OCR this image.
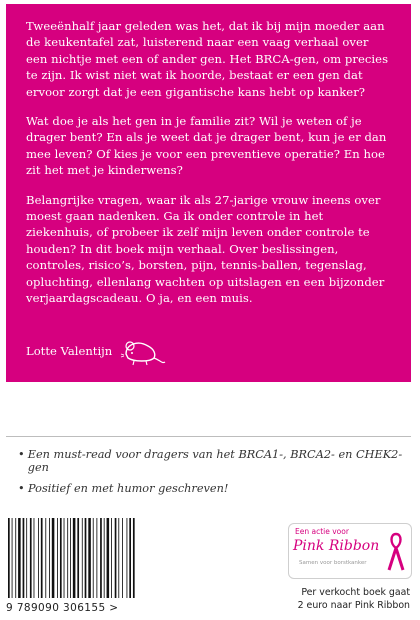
Tweeënhalf jaar geleden was het, dat ik bij mijn moeder aan de keukentafel zat, luisterend naar een vaag verhaal over een nichtje met een of ander gen. Het BRCA-gen, om precies te zijn. Ik wist niet wat ik hoorde, bestaat er een gen dat ervoor zorgt dat je een gigantische kans hebt op kanker?

Wat doe je als het gen in je familie zit? Wil je weten of je drager bent? En als je weet dat je drager bent, kun je er dan mee leven? Of kies je voor een preventieve operatie? En hoe zit het met je kinderwens?

Belangrijke vragen, waar ik als 27-jarige vrouw ineens over moest gaan nadenken. Ga ik onder controle in het ziekenhuis, of probeer ik zelf mijn leven onder controle te houden? In dit boek mijn verhaal. Over beslissingen, controles, risico’s, borsten, pijn, tennis-ballen, tegenslag, opluchting, ellenlang wachten op uitslagen en een bijzonder verjaardagscadeau. O ja, en een muis.

Lotte Valentijn
• Een must-read voor dragers van het BRCA1-, BRCA2- en CHEK2-gen
• Positief en met humor geschreven!
9 789090 306155 >
Een actie voor
Pink Ribbon
Samen voor borstkanker
Per verkocht boek gaat
2 euro naar Pink Ribbon
